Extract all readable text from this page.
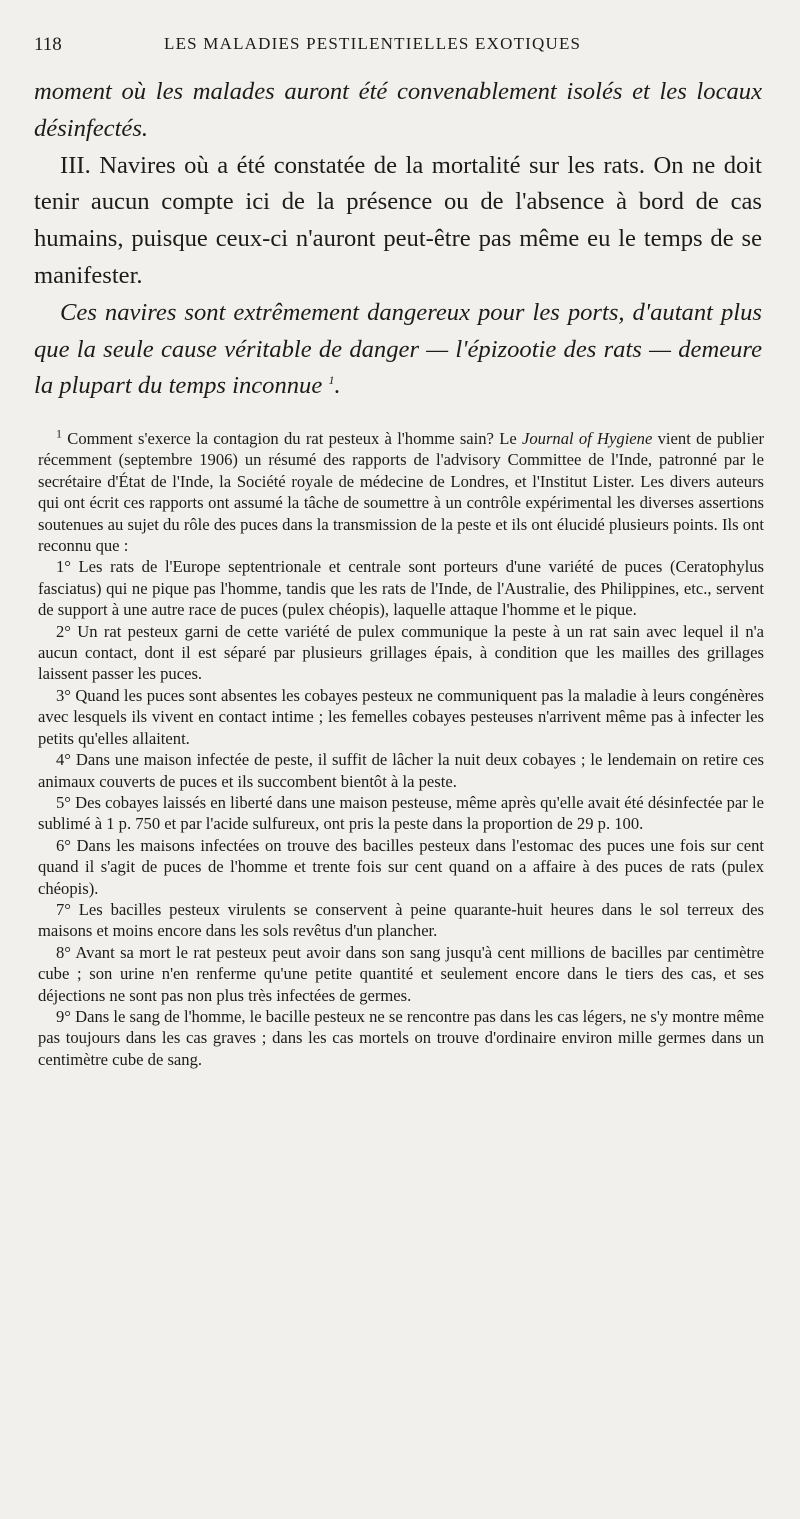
118	LES MALADIES PESTILENTIELLES EXOTIQUES

moment où les malades auront été convenablement isolés et les locaux désinfectés.

III. Navires où a été constatée de la mortalité sur les rats. On ne doit tenir aucun compte ici de la présence ou de l'absence à bord de cas humains, puisque ceux-ci n'auront peut-être pas même eu le temps de se manifester.

Ces navires sont extrêmement dangereux pour les ports, d'autant plus que la seule cause véritable de danger — l'épizootie des rats — demeure la plupart du temps inconnue $^1$.

$^1$ Comment s'exerce la contagion du rat pesteux à l'homme sain? Le Journal of Hygiene vient de publier récemment (septembre 1906) un résumé des rapports de l'advisory Committee de l'Inde, patronné par le secrétaire d'État de l'Inde, la Société royale de médecine de Londres, et l'Institut Lister. Les divers auteurs qui ont écrit ces rapports ont assumé la tâche de soumettre à un contrôle expérimental les diverses assertions soutenues au sujet du rôle des puces dans la transmission de la peste et ils ont élucidé plusieurs points. Ils ont reconnu que :

1° Les rats de l'Europe septentrionale et centrale sont porteurs d'une variété de puces (Ceratophylus fasciatus) qui ne pique pas l'homme, tandis que les rats de l'Inde, de l'Australie, des Philippines, etc., servent de support à une autre race de puces (pulex chéopis), laquelle attaque l'homme et le pique.

2° Un rat pesteux garni de cette variété de pulex communique la peste à un rat sain avec lequel il n'a aucun contact, dont il est séparé par plusieurs grillages épais, à condition que les mailles des grillages laissent passer les puces.

3° Quand les puces sont absentes les cobayes pesteux ne communiquent pas la maladie à leurs congénères avec lesquels ils vivent en contact intime ; les femelles cobayes pesteuses n'arrivent même pas à infecter les petits qu'elles allaitent.

4° Dans une maison infectée de peste, il suffit de lâcher la nuit deux cobayes ; le lendemain on retire ces animaux couverts de puces et ils succombent bientôt à la peste.

5° Des cobayes laissés en liberté dans une maison pesteuse, même après qu'elle avait été désinfectée par le sublimé à 1 p. 750 et par l'acide sulfureux, ont pris la peste dans la proportion de 29 p. 100.

6° Dans les maisons infectées on trouve des bacilles pesteux dans l'estomac des puces une fois sur cent quand il s'agit de puces de l'homme et trente fois sur cent quand on a affaire à des puces de rats (pulex chéopis).

7° Les bacilles pesteux virulents se conservent à peine quarante-huit heures dans le sol terreux des maisons et moins encore dans les sols revêtus d'un plancher.

8° Avant sa mort le rat pesteux peut avoir dans son sang jusqu'à cent millions de bacilles par centimètre cube ; son urine n'en renferme qu'une petite quantité et seulement encore dans le tiers des cas, et ses déjections ne sont pas non plus très infectées de germes.

9° Dans le sang de l'homme, le bacille pesteux ne se rencontre pas dans les cas légers, ne s'y montre même pas toujours dans les cas graves ; dans les cas mortels on trouve d'ordinaire environ mille germes dans un centimètre cube de sang.
